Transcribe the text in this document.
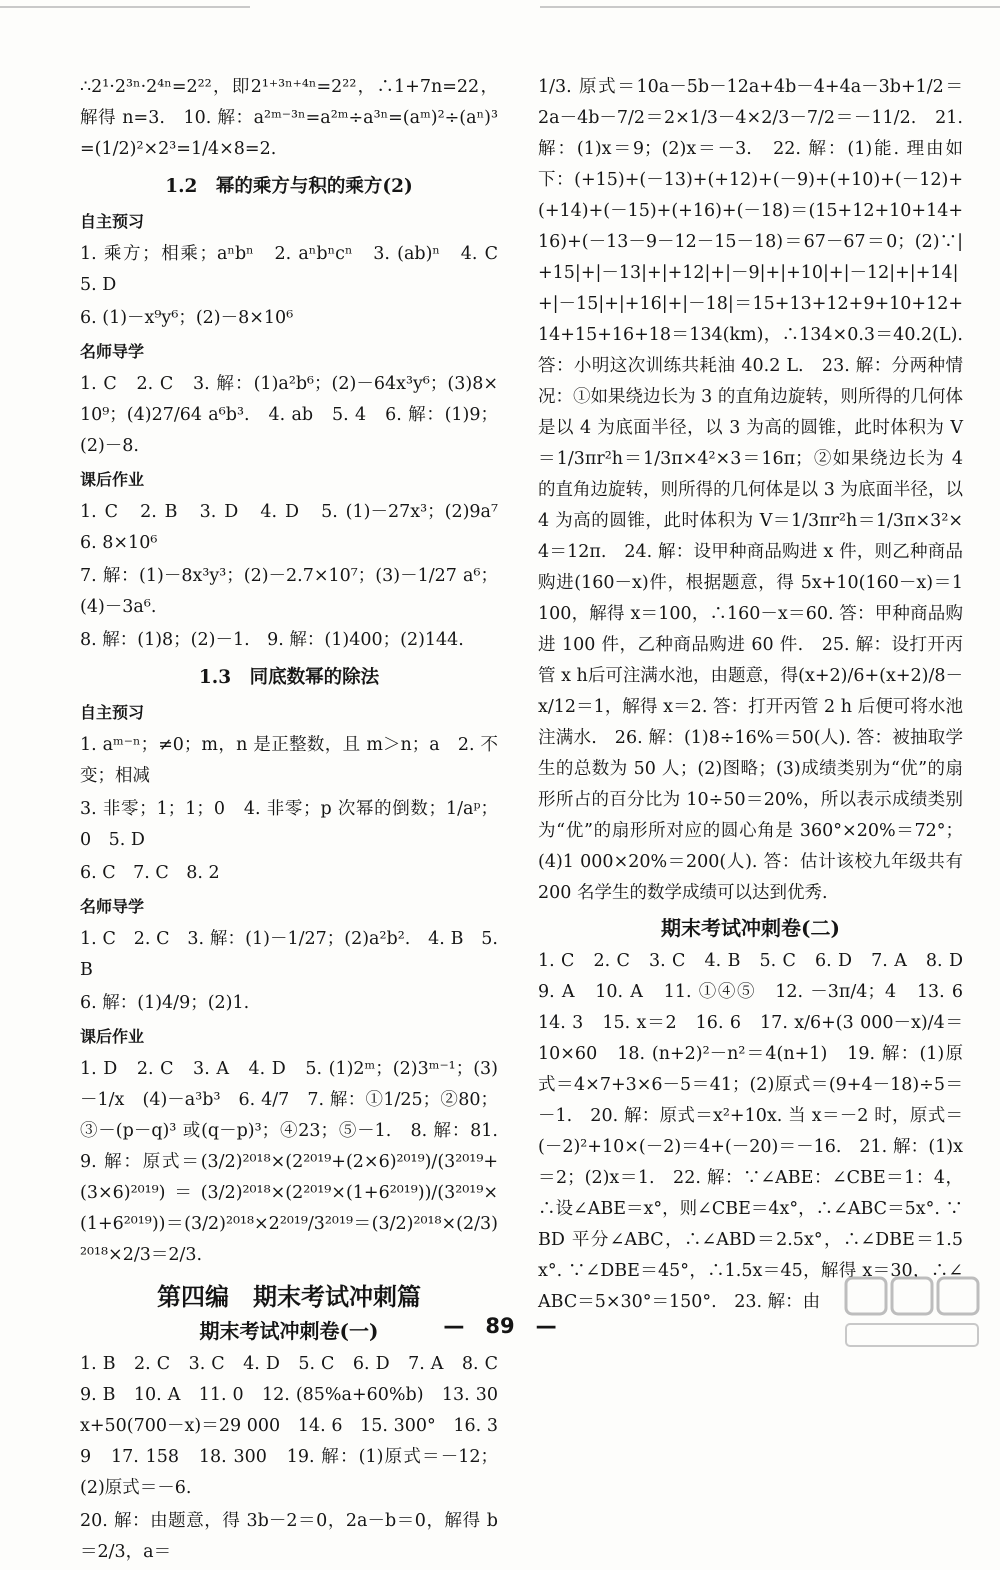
∴2¹·2³ⁿ·2⁴ⁿ=2²²，即2¹⁺³ⁿ⁺⁴ⁿ=2²²，∴1+7n=22，解得 n=3.　10. 解：a²ᵐ⁻³ⁿ=a²ᵐ÷a³ⁿ=(aᵐ)²÷(aⁿ)³=(1/2)²×2³=1/4×8=2.

1.2　幂的乘方与积的乘方(2)
自主预习

1. 乘方；相乘；aⁿbⁿ　2. aⁿbⁿcⁿ　3. (ab)ⁿ　4. C　5. D

6. (1)－x⁹y⁶；(2)－8×10⁶

名师导学

1. C　2. C　3. 解：(1)a²b⁶；(2)－64x³y⁶；(3)8×10⁹；(4)27/64 a⁶b³.　4. ab　5. 4　6. 解：(1)9；(2)－8.

课后作业

1. C　2. B　3. D　4. D　5. (1)－27x³；(2)9a⁷　6. 8×10⁶

7. 解：(1)－8x³y³；(2)－2.7×10⁷；(3)－1/27 a⁶；(4)－3a⁶.

8. 解：(1)8；(2)－1.　9. 解：(1)400；(2)144.

1.3　同底数幂的除法
自主预习

1. aᵐ⁻ⁿ；≠0；m，n 是正整数，且 m＞n；a　2. 不变；相减

3. 非零；1；1；0　4. 非零；p 次幂的倒数；1/aᵖ；0　5. D

6. C　7. C　8. 2

名师导学

1. C　2. C　3. 解：(1)－1/27；(2)a²b².　4. B　5. B

6. 解：(1)4/9；(2)1.

课后作业

1. D　2. C　3. A　4. D　5. (1)2ᵐ；(2)3ᵐ⁻¹；(3)－1/x　(4)－a³b³　6. 4/7　7. 解：①1/25；②80；③－(p－q)³ 或(q－p)³；④23；⑤－1.　8. 解：81.　9. 解：原式＝(3/2)²⁰¹⁸×(2²⁰¹⁹+(2×6)²⁰¹⁹)/(3²⁰¹⁹+(3×6)²⁰¹⁹)＝(3/2)²⁰¹⁸×(2²⁰¹⁹×(1+6²⁰¹⁹))/(3²⁰¹⁹×(1+6²⁰¹⁹))＝(3/2)²⁰¹⁸×2²⁰¹⁹/3²⁰¹⁹＝(3/2)²⁰¹⁸×(2/3)²⁰¹⁸×2/3＝2/3.

第四编　期末考试冲刺篇
期末考试冲刺卷(一)

1. B　2. C　3. C　4. D　5. C　6. D　7. A　8. C　9. B　10. A　11. 0　12. (85%a+60%b)　13. 30x+50(700－x)＝29 000　14. 6　15. 300°　16. 39　17. 158　18. 300　19. 解：(1)原式＝－12；(2)原式＝－6.

20. 解：由题意，得 3b－2＝0，2a－b＝0，解得 b＝2/3，a＝

1/3. 原式＝10a－5b－12a+4b－4+4a－3b+1/2＝2a－4b－7/2＝2×1/3－4×2/3－7/2＝－11/2.　21. 解：(1)x＝9；(2)x＝－3.　22. 解：(1)能. 理由如下：(+15)+(－13)+(+12)+(－9)+(+10)+(－12)+(+14)+(－15)+(+16)+(－18)＝(15+12+10+14+16)+(－13－9－12－15－18)＝67－67＝0；(2)∵|+15|+|－13|+|+12|+|－9|+|+10|+|－12|+|+14|+|－15|+|+16|+|－18|＝15+13+12+9+10+12+14+15+16+18＝134(km)，∴134×0.3＝40.2(L). 答：小明这次训练共耗油 40.2 L.　23. 解：分两种情况：①如果绕边长为 3 的直角边旋转，则所得的几何体是以 4 为底面半径，以 3 为高的圆锥，此时体积为 V＝1/3πr²h＝1/3π×4²×3＝16π；②如果绕边长为 4 的直角边旋转，则所得的几何体是以 3 为底面半径，以 4 为高的圆锥，此时体积为 V＝1/3πr²h＝1/3π×3²×4＝12π.　24. 解：设甲种商品购进 x 件，则乙种商品购进(160－x)件，根据题意，得 5x+10(160－x)＝1 100，解得 x＝100，∴160－x＝60. 答：甲种商品购进 100 件，乙种商品购进 60 件.　25. 解：设打开丙管 x h后可注满水池，由题意，得(x+2)/6+(x+2)/8－x/12＝1，解得 x＝2. 答：打开丙管 2 h 后便可将水池注满水.　26. 解：(1)8÷16%＝50(人). 答：被抽取学生的总数为 50 人；(2)图略；(3)成绩类别为“优”的扇形所占的百分比为 10÷50＝20%，所以表示成绩类别为“优”的扇形所对应的圆心角是 360°×20%＝72°；(4)1 000×20%＝200(人). 答：估计该校九年级共有 200 名学生的数学成绩可以达到优秀.

期末考试冲刺卷(二)

1. C　2. C　3. C　4. B　5. C　6. D　7. A　8. D　9. A　10. A　11. ①④⑤　12. －3π/4；4　13. 6　14. 3　15. x＝2　16. 6　17. x/6+(3 000－x)/4＝10×60　18. (n+2)²－n²＝4(n+1)　19. 解：(1)原式＝4×7+3×6－5＝41；(2)原式＝(9+4－18)÷5＝－1.　20. 解：原式＝x²+10x. 当 x＝－2 时，原式＝(－2)²+10×(－2)＝4+(－20)＝－16.　21. 解：(1)x＝2；(2)x＝1.　22. 解：∵∠ABE：∠CBE＝1：4，∴设∠ABE＝x°，则∠CBE＝4x°，∴∠ABC＝5x°. ∵BD 平分∠ABC，∴∠ABD＝2.5x°，∴∠DBE＝1.5x°. ∵∠DBE＝45°，∴1.5x＝45，解得 x＝30，∴∠ABC＝5×30°＝150°.　23. 解：由

—　89　—
